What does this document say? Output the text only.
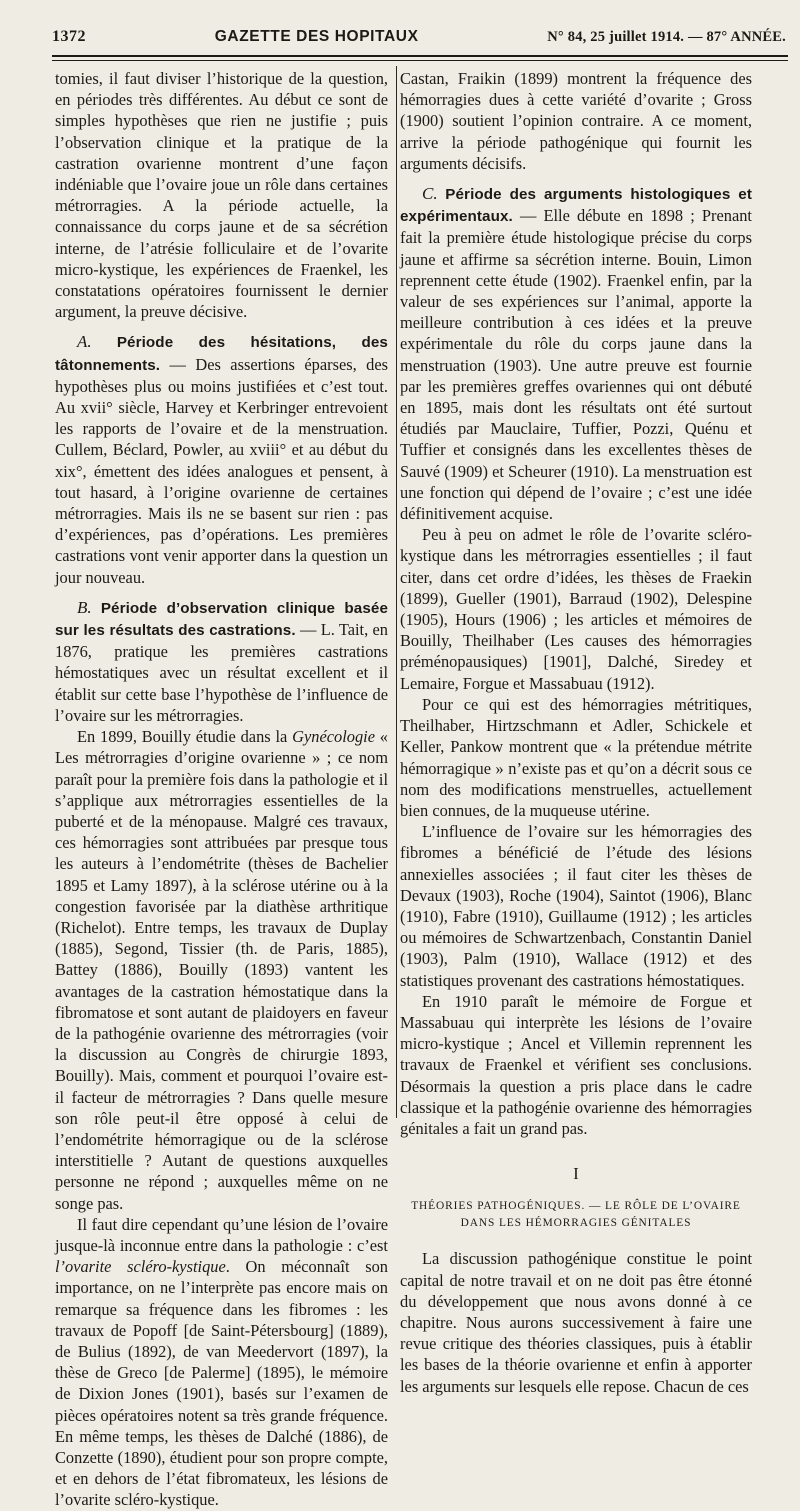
1372	GAZETTE DES HOPITAUX	N° 84, 25 juillet 1914. — 87° ANNÉE.

tomies, il faut diviser l’historique de la question, en périodes très différentes. Au début ce sont de simples hypothèses que rien ne justifie ; puis l’observation clinique et la pratique de la castration ovarienne montrent d’une façon indéniable que l’ovaire joue un rôle dans certaines métrorragies. A la période actuelle, la connaissance du corps jaune et de sa sécrétion interne, de l’atrésie folliculaire et de l’ovarite micro-kystique, les expériences de Fraenkel, les constatations opératoires fournissent le dernier argument, la preuve décisive.

A. Période des hésitations, des tâtonnements. — Des assertions éparses, des hypothèses plus ou moins justifiées et c’est tout. Au xvii° siècle, Harvey et Kerbringer entrevoient les rapports de l’ovaire et de la menstruation. Cullem, Béclard, Powler, au xviii° et au début du xix°, émettent des idées analogues et pensent, à tout hasard, à l’origine ovarienne de certaines métrorragies. Mais ils ne se basent sur rien : pas d’expériences, pas d’opérations. Les premières castrations vont venir apporter dans la question un jour nouveau.

B. Période d’observation clinique basée sur les résultats des castrations. — L. Tait, en 1876, pratique les premières castrations hémostatiques avec un résultat excellent et il établit sur cette base l’hypothèse de l’influence de l’ovaire sur les métrorragies.

En 1899, Bouilly étudie dans la Gynécologie « Les métrorragies d’origine ovarienne » ; ce nom paraît pour la première fois dans la pathologie et il s’applique aux métrorragies essentielles de la puberté et de la ménopause. Malgré ces travaux, ces hémorragies sont attribuées par presque tous les auteurs à l’endométrite (thèses de Bachelier 1895 et Lamy 1897), à la sclérose utérine ou à la congestion favorisée par la diathèse arthritique (Richelot). Entre temps, les travaux de Duplay (1885), Segond, Tissier (th. de Paris, 1885), Battey (1886), Bouilly (1893) vantent les avantages de la castration hémostatique dans la fibromatose et sont autant de plaidoyers en faveur de la pathogénie ovarienne des métrorragies (voir la discussion au Congrès de chirurgie 1893, Bouilly). Mais, comment et pourquoi l’ovaire est-il facteur de métrorragies ? Dans quelle mesure son rôle peut-il être opposé à celui de l’endométrite hémorragique ou de la sclérose interstitielle ? Autant de questions auxquelles personne ne répond ; auxquelles même on ne songe pas.

Il faut dire cependant qu’une lésion de l’ovaire jusque-là inconnue entre dans la pathologie : c’est l’ovarite scléro-kystique. On méconnaît son importance, on ne l’interprète pas encore mais on remarque sa fréquence dans les fibromes : les travaux de Popoff [de Saint-Pétersbourg] (1889), de Bulius (1892), de van Meedervort (1897), la thèse de Greco [de Palerme] (1895), le mémoire de Dixion Jones (1901), basés sur l’examen de pièces opératoires notent sa très grande fréquence. En même temps, les thèses de Dalché (1886), de Conzette (1890), étudient pour son propre compte, et en dehors de l’état fibromateux, les lésions de l’ovarite scléro-kystique.

Castan, Fraikin (1899) montrent la fréquence des hémorragies dues à cette variété d’ovarite ; Gross (1900) soutient l’opinion contraire. A ce moment, arrive la période pathogénique qui fournit les arguments décisifs.

C. Période des arguments histologiques et expérimentaux. — Elle débute en 1898 ; Prenant fait la première étude histologique précise du corps jaune et affirme sa sécrétion interne. Bouin, Limon reprennent cette étude (1902). Fraenkel enfin, par la valeur de ses expériences sur l’animal, apporte la meilleure contribution à ces idées et la preuve expérimentale du rôle du corps jaune dans la menstruation (1903). Une autre preuve est fournie par les premières greffes ovariennes qui ont débuté en 1895, mais dont les résultats ont été surtout étudiés par Mauclaire, Tuffier, Pozzi, Quénu et Tuffier et consignés dans les excellentes thèses de Sauvé (1909) et Scheurer (1910). La menstruation est une fonction qui dépend de l’ovaire ; c’est une idée définitivement acquise.

Peu à peu on admet le rôle de l’ovarite scléro-kystique dans les métrorragies essentielles ; il faut citer, dans cet ordre d’idées, les thèses de Fraekin (1899), Gueller (1901), Barraud (1902), Delespine (1905), Hours (1906) ; les articles et mémoires de Bouilly, Theilhaber (Les causes des hémorragies préménopausiques) [1901], Dalché, Siredey et Lemaire, Forgue et Massabuau (1912).

Pour ce qui est des hémorragies métritiques, Theilhaber, Hirtzschmann et Adler, Schickele et Keller, Pankow montrent que « la prétendue métrite hémorragique » n’existe pas et qu’on a décrit sous ce nom des modifications menstruelles, actuellement bien connues, de la muqueuse utérine.

L’influence de l’ovaire sur les hémorragies des fibromes a bénéficié de l’étude des lésions annexielles associées ; il faut citer les thèses de Devaux (1903), Roche (1904), Saintot (1906), Blanc (1910), Fabre (1910), Guillaume (1912) ; les articles ou mémoires de Schwartzenbach, Constantin Daniel (1903), Palm (1910), Wallace (1912) et des statistiques provenant des castrations hémostatiques.

En 1910 paraît le mémoire de Forgue et Massabuau qui interprète les lésions de l’ovaire micro-kystique ; Ancel et Villemin reprennent les travaux de Fraenkel et vérifient ses conclusions. Désormais la question a pris place dans le cadre classique et la pathogénie ovarienne des hémorragies génitales a fait un grand pas.

I
THÉORIES PATHOGÉNIQUES. — LE RÔLE DE L’OVAIRE
DANS LES HÉMORRAGIES GÉNITALES

La discussion pathogénique constitue le point capital de notre travail et on ne doit pas être étonné du développement que nous avons donné à ce chapitre. Nous aurons successivement à faire une revue critique des théories classiques, puis à établir les bases de la théorie ovarienne et enfin à apporter les arguments sur lesquels elle repose. Chacun de ces
